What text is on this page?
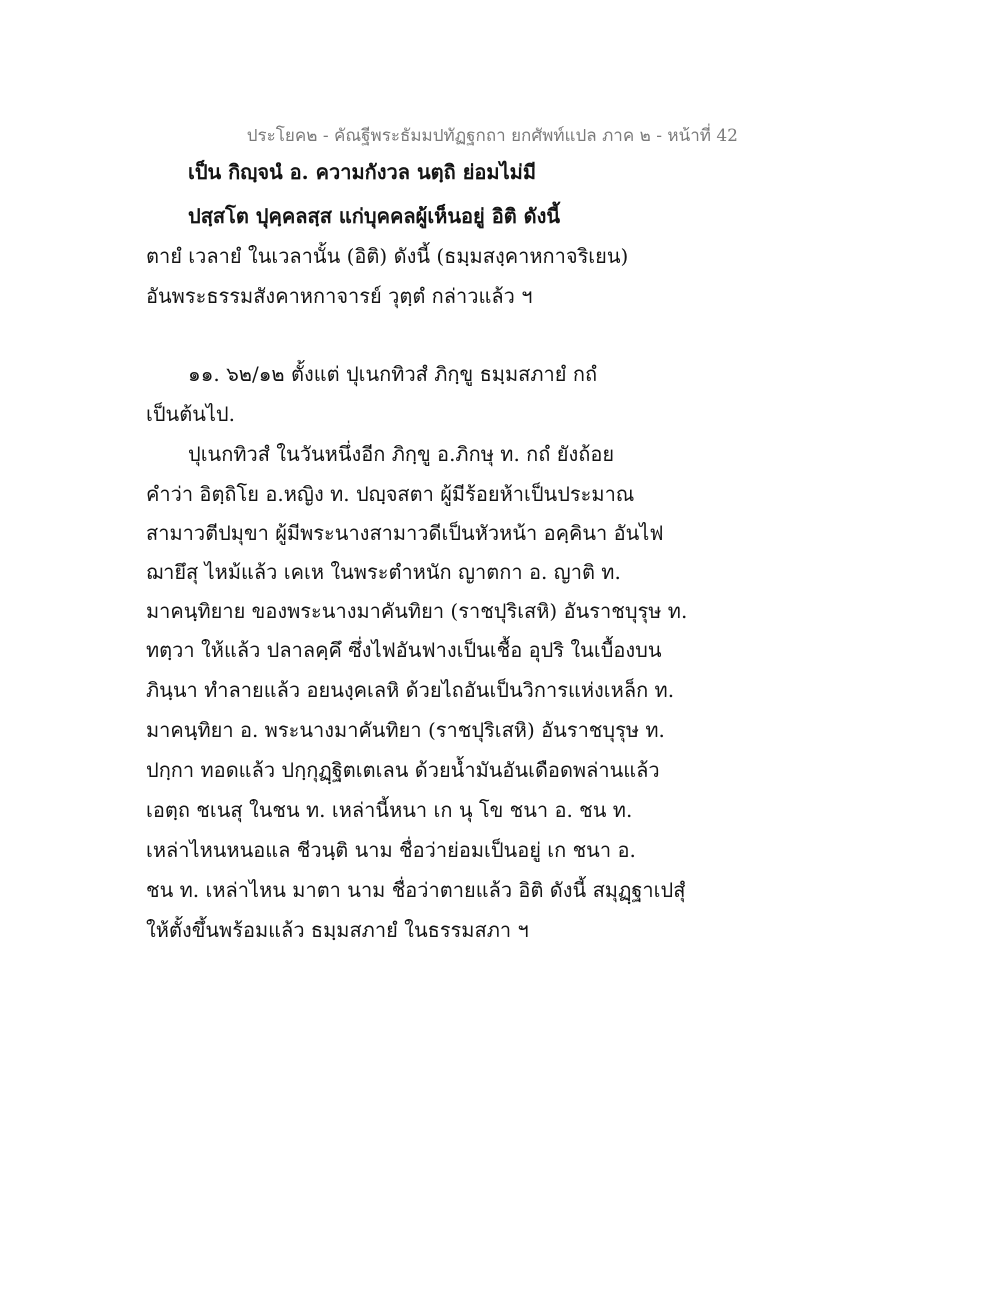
ประโยค๒ - คัณฐีพระธัมมปทัฏฐกถา ยกศัพท์แปล ภาค ๒ - หน้าที่ 42
เป็น กิญฺจนํ อ. ความกังวล นตฺถิ ย่อมไม่มี
ปสฺสโต ปุคฺคลสฺส แก่บุคคลผู้เห็นอยู่ อิติ ดังนี้
ตายํ เวลายํ ในเวลานั้น (อิติ) ดังนี้ (ธมฺมสงฺคาหกาจริเยน)
อันพระธรรมสังคาหกาจารย์ วุตฺตํ กล่าวแล้ว ฯ
๑๑. ๖๒/๑๒ ตั้งแต่ ปุเนกทิวสํ ภิกฺขู ธมฺมสภายํ กถํ
เป็นต้นไป.
ปุเนกทิวสํ ในวันหนึ่งอีก ภิกฺขู อ.ภิกษุ ท. กถํ ยังถ้อย
คำว่า อิตฺถิโย อ.หญิง ท. ปญฺจสตา ผู้มีร้อยห้าเป็นประมาณ
สามาวตีปมุขา ผู้มีพระนางสามาวดีเป็นหัวหน้า อคฺคินา อันไฟ
ฌายึสุ ไหม้แล้ว เคเห ในพระตำหนัก ญาตกา อ. ญาติ ท.
มาคนฺทิยาย ของพระนางมาคันทิยา (ราชปุริเสหิ) อันราชบุรุษ ท.
ทตฺวา ให้แล้ว ปลาลคฺคึ ซึ่งไฟอันฟางเป็นเชื้อ อุปริ ในเบื้องบน
ภินฺนา ทำลายแล้ว อยนงฺคเลหิ ด้วยไถอันเป็นวิการแห่งเหล็ก ท.
มาคนฺทิยา อ. พระนางมาคันทิยา (ราชปุริเสหิ) อันราชบุรุษ ท.
ปกฺกา ทอดแล้ว ปกฺกุฏฺฐิตเตเลน ด้วยน้ำมันอันเดือดพล่านแล้ว
เอตฺถ ชเนสุ ในชน ท. เหล่านี้หนา เก นุ โข ชนา อ. ชน ท.
เหล่าไหนหนอแล ชีวนฺติ นาม ชื่อว่าย่อมเป็นอยู่ เก ชนา อ.
ชน ท. เหล่าไหน มาตา นาม ชื่อว่าตายแล้ว อิติ ดังนี้ สมุฏฺฐาเปสุํ
ให้ตั้งขึ้นพร้อมแล้ว ธมฺมสภายํ ในธรรมสภา ฯ
